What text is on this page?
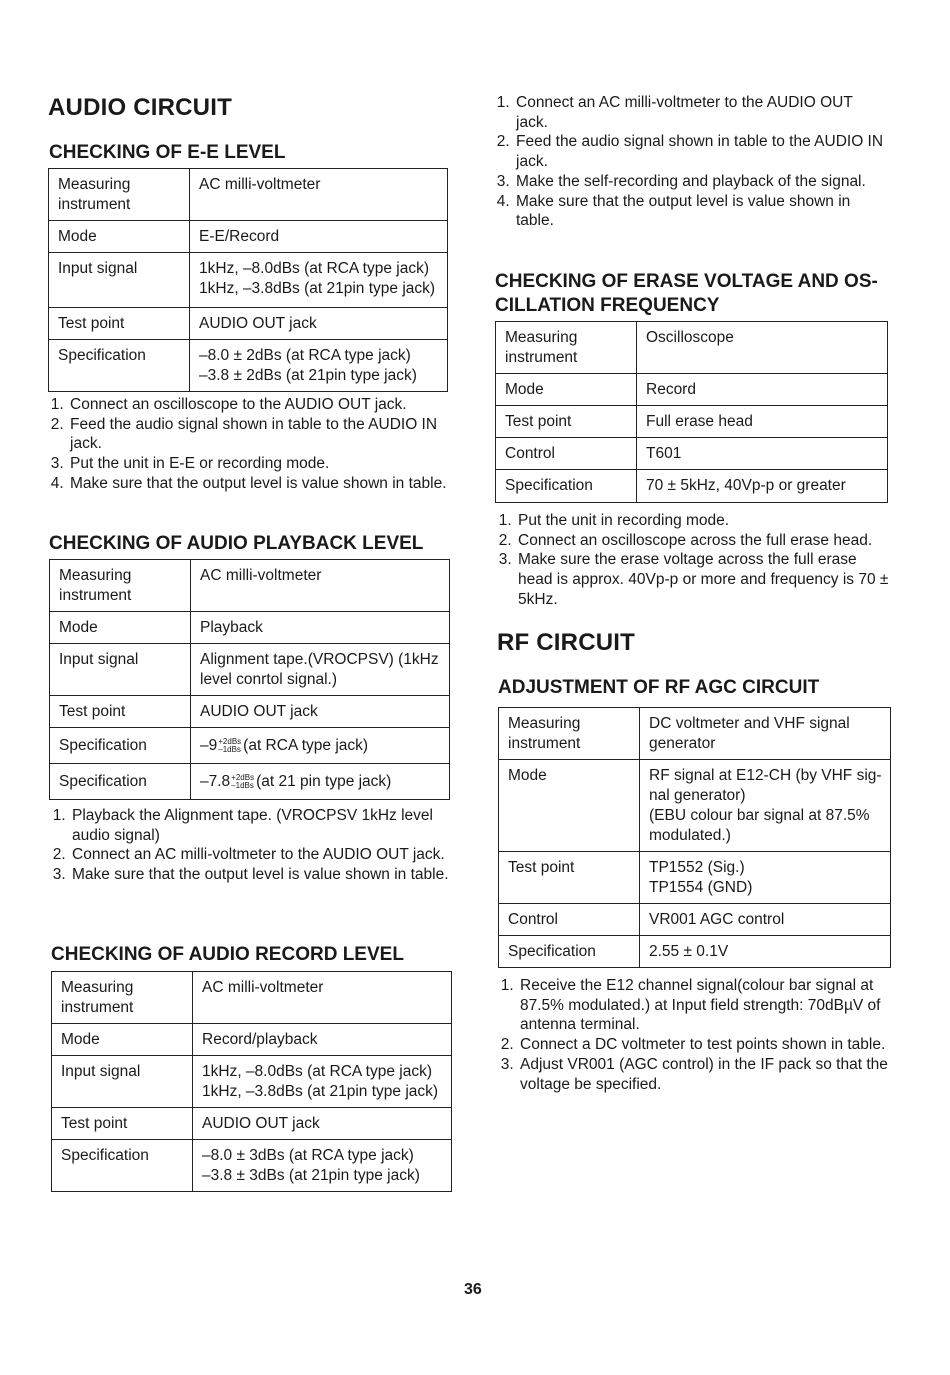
AUDIO CIRCUIT
CHECKING OF E-E LEVEL
Measuring instrument	AC milli-voltmeter
Mode	E-E/Record
Input signal	1kHz, –8.0dBs (at RCA type jack)
1kHz, –3.8dBs (at 21pin type jack)

Test point	AUDIO OUT jack
Specification	–8.0 ± 2dBs (at RCA type jack)
–3.8 ± 2dBs (at 21pin type jack)
1. Connect an oscilloscope to the AUDIO OUT jack.
2. Feed the audio signal shown in table to the AUDIO IN jack.
3. Put the unit in E-E or recording mode.
4. Make sure that the output level is value shown in table.
CHECKING OF AUDIO PLAYBACK LEVEL
Measuring instrument	AC milli-voltmeter
Mode	Playback
Input signal	Alignment tape.(VROCPSV) (1kHz level conrtol signal.)
Test point	AUDIO OUT jack
Specification	–9 +2dBs
–1dBs (at RCA type jack)
Specification	–7.8 +2dBs
–1dBs (at 21 pin type jack)
1. Playback the Alignment tape. (VROCPSV 1kHz level audio signal)
2. Connect an AC milli-voltmeter to the AUDIO OUT jack.
3. Make sure that the output level is value shown in table.
CHECKING OF AUDIO RECORD LEVEL
Measuring instrument	AC milli-voltmeter
Mode	Record/playback
Input signal	1kHz, –8.0dBs (at RCA type jack)
1kHz, –3.8dBs (at 21pin type jack)

Test point	AUDIO OUT jack
Specification	–8.0 ± 3dBs (at RCA type jack)
–3.8 ± 3dBs (at 21pin type jack)
1. Connect an AC milli-voltmeter to the AUDIO OUT jack.
2. Feed the audio signal shown in table to the AUDIO IN jack.
3. Make the self-recording and playback of the signal.
4. Make sure that the output level is value shown in table.
CHECKING OF ERASE VOLTAGE AND OS-
CILLATION FREQUENCY
Measuring instrument	Oscilloscope
Mode	Record
Test point	Full erase head
Control	T601
Specification	70 ± 5kHz, 40Vp-p or greater
1. Put the unit in recording mode.
2. Connect an oscilloscope across the full erase head.
3. Make sure the erase voltage across the full erase head is approx. 40Vp-p or more and frequency is 70 ± 5kHz.
RF CIRCUIT
ADJUSTMENT OF RF AGC CIRCUIT
Measuring instrument	DC voltmeter and VHF signal generator
Mode	RF signal at E12-CH (by VHF sig-nal generator)
(EBU colour bar signal at 87.5% modulated.)

Test point	TP1552 (Sig.)
TP1554 (GND)

Control	VR001 AGC control
Specification	2.55 ± 0.1V
1. Receive the E12 channel signal(colour bar signal at 87.5% modulated.) at Input field strength: 70dBµV of antenna terminal.
2. Connect a DC voltmeter to test points shown in table.
3. Adjust VR001 (AGC control) in the IF pack so that the voltage be specified.
36
